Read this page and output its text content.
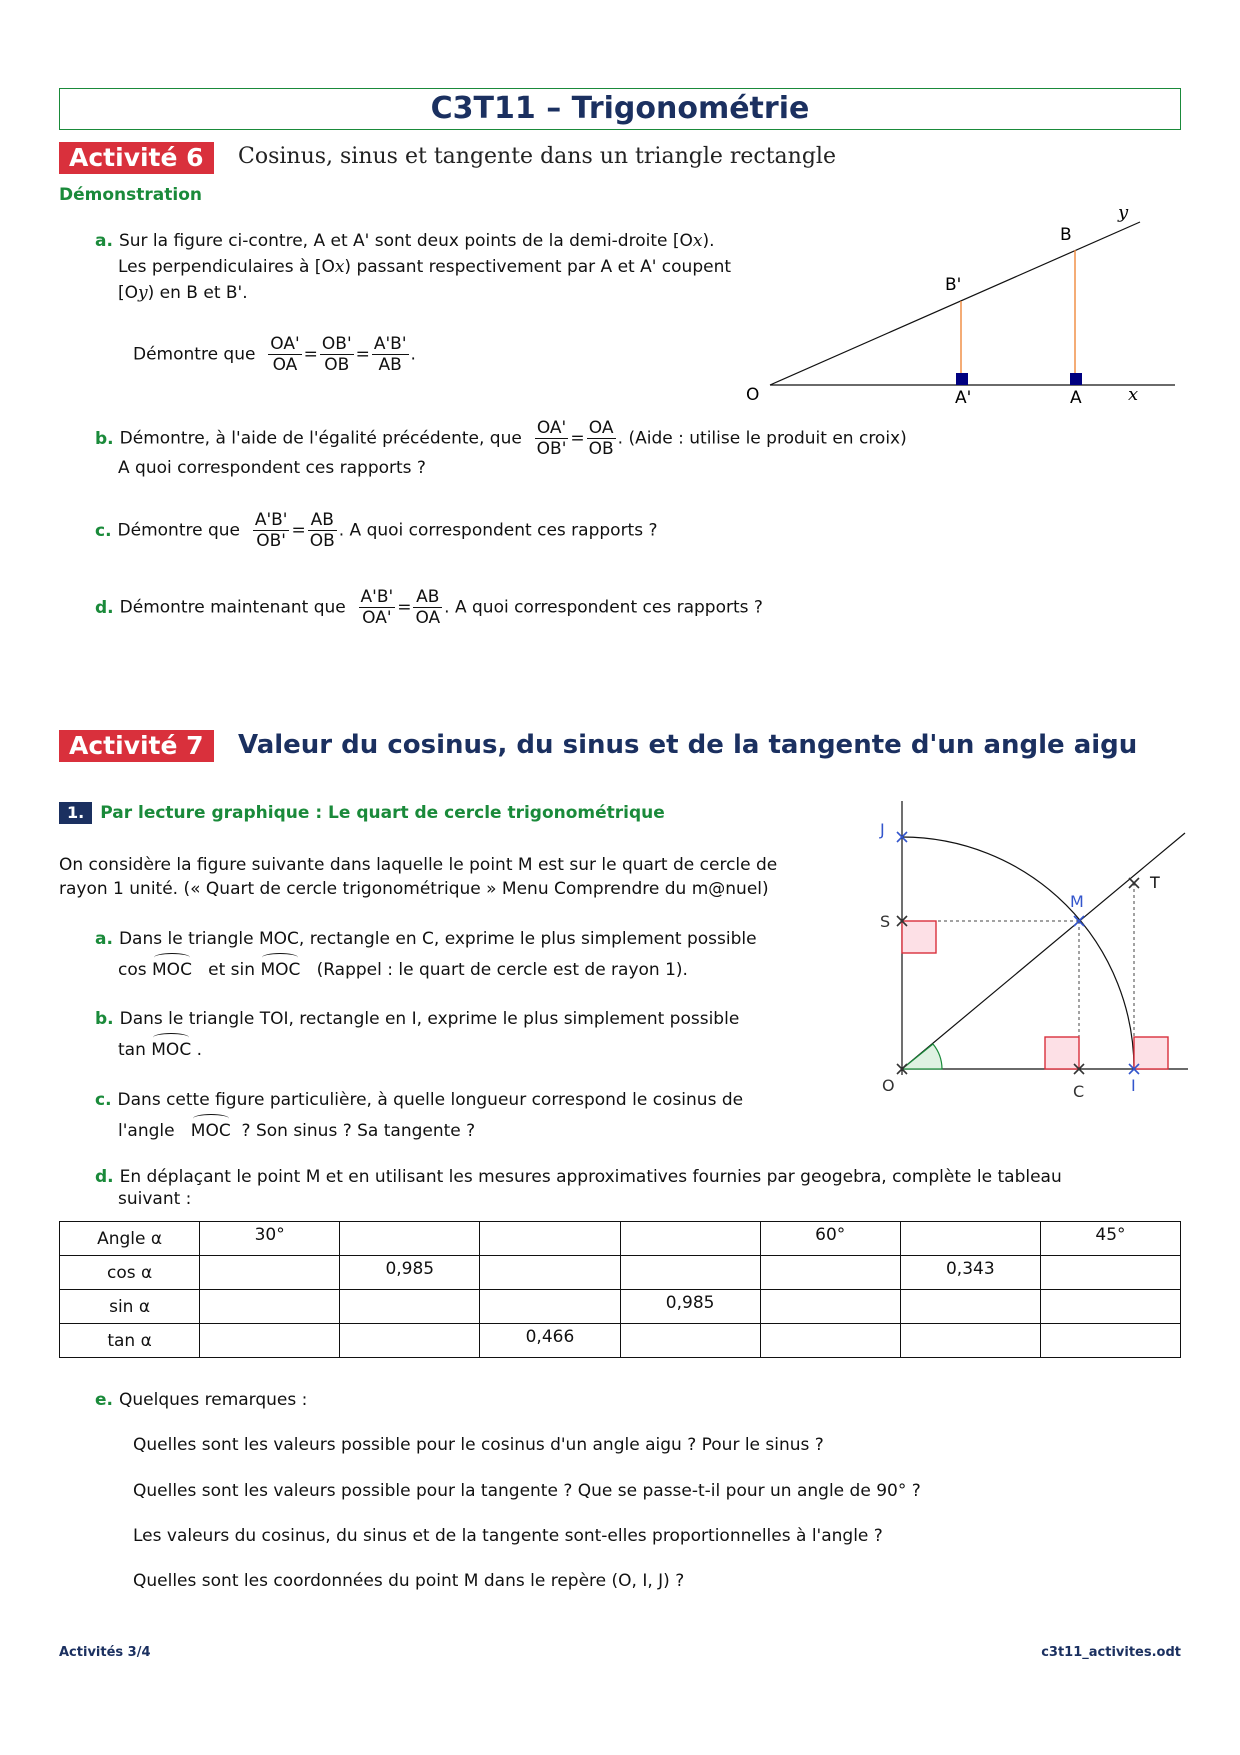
C3T11 – Trigonométrie
Activité 6	Cosinus, sinus et tangente dans un triangle rectangle
Démonstration
a. Sur la figure ci-contre, A et A' sont deux points de la demi-droite [Ox).
Les perpendiculaires à [Ox) passant respectivement par A et A' coupent
[Oy) en B et B'.
Démontre que $\frac{OA'}{OA} = \frac{OB'}{OB} = \frac{A'B'}{AB}$ .
b. Démontre, à l'aide de l'égalité précédente, que $\frac{OA'}{OB'} = \frac{OA}{OB}$ . (Aide : utilise le produit en croix)
A quoi correspondent ces rapports ?
c. Démontre que $\frac{A'B'}{OB'} = \frac{AB}{OB}$ . A quoi correspondent ces rapports ?
d. Démontre maintenant que $\frac{A'B'}{OA'} = \frac{AB}{OA}$ . A quoi correspondent ces rapports ?
O	A'	A
B'
B
x
y
Activité 7	Valeur du cosinus, du sinus et de la tangente d'un angle aigu
1. Par lecture graphique : Le quart de cercle trigonométrique
On considère la figure suivante dans laquelle le point M est sur le quart de cercle de
rayon 1 unité. (« Quart de cercle trigonométrique » Menu Comprendre du m@nuel)
a. Dans le triangle MOC, rectangle en C, exprime le plus simplement possible
cos MOC et sin MOC (Rappel : le quart de cercle est de rayon 1).
b. Dans le triangle TOI, rectangle en I, exprime le plus simplement possible
tan MOC .
c. Dans cette figure particulière, à quelle longueur correspond le cosinus de
l'angle MOC ? Son sinus ? Sa tangente ?
d. En déplaçant le point M et en utilisant les mesures approximatives fournies par geogebra, complète le tableau
suivant :
Angle α	30°				60°		45°
cos α		0,985				0,343	
sin α				0,985			
tan α			0,466				
e. Quelques remarques :
Quelles sont les valeurs possible pour le cosinus d'un angle aigu ? Pour le sinus ?
Quelles sont les valeurs possible pour la tangente ? Que se passe-t-il pour un angle de 90° ?
Les valeurs du cosinus, du sinus et de la tangente sont-elles proportionnelles à l'angle ?
Quelles sont les coordonnées du point M dans le repère (O, I, J) ?
J
S
M
T
O	C	I
Activités 3/4	c3t11_activites.odt
